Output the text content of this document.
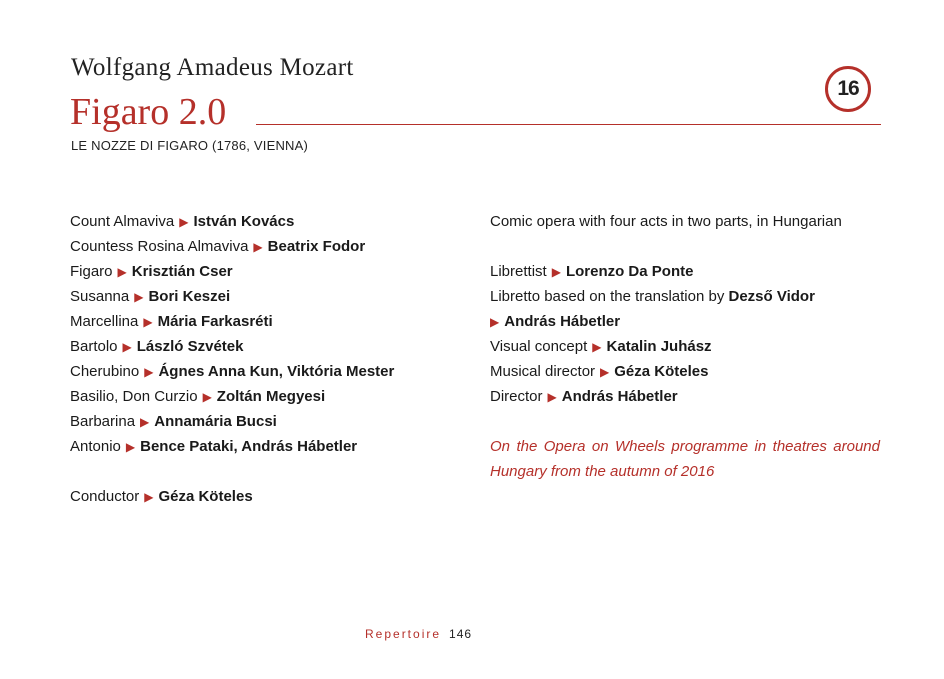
Wolfgang Amadeus Mozart
Figaro 2.0
16
LE NOZZE DI FIGARO (1786, VIENNA)
Count Almaviva ▶ István Kovács
Countess Rosina Almaviva ▶ Beatrix Fodor
Figaro ▶ Krisztián Cser
Susanna ▶ Bori Keszei
Marcellina ▶ Mária Farkasréti
Bartolo ▶ László Szvétek
Cherubino ▶ Ágnes Anna Kun, Viktória Mester
Basilio, Don Curzio ▶ Zoltán Megyesi
Barbarina ▶ Annamária Bucsi
Antonio ▶ Bence Pataki, András Hábetler
Conductor ▶ Géza Köteles
Comic opera with four acts in two parts, in Hungarian
Librettist ▶ Lorenzo Da Ponte
Libretto based on the translation by Dezső Vidor
▶ András Hábetler
Visual concept ▶ Katalin Juhász
Musical director ▶ Géza Köteles
Director ▶ András Hábetler
On the Opera on Wheels programme in theatres around Hungary from the autumn of 2016
Repertoire 146
